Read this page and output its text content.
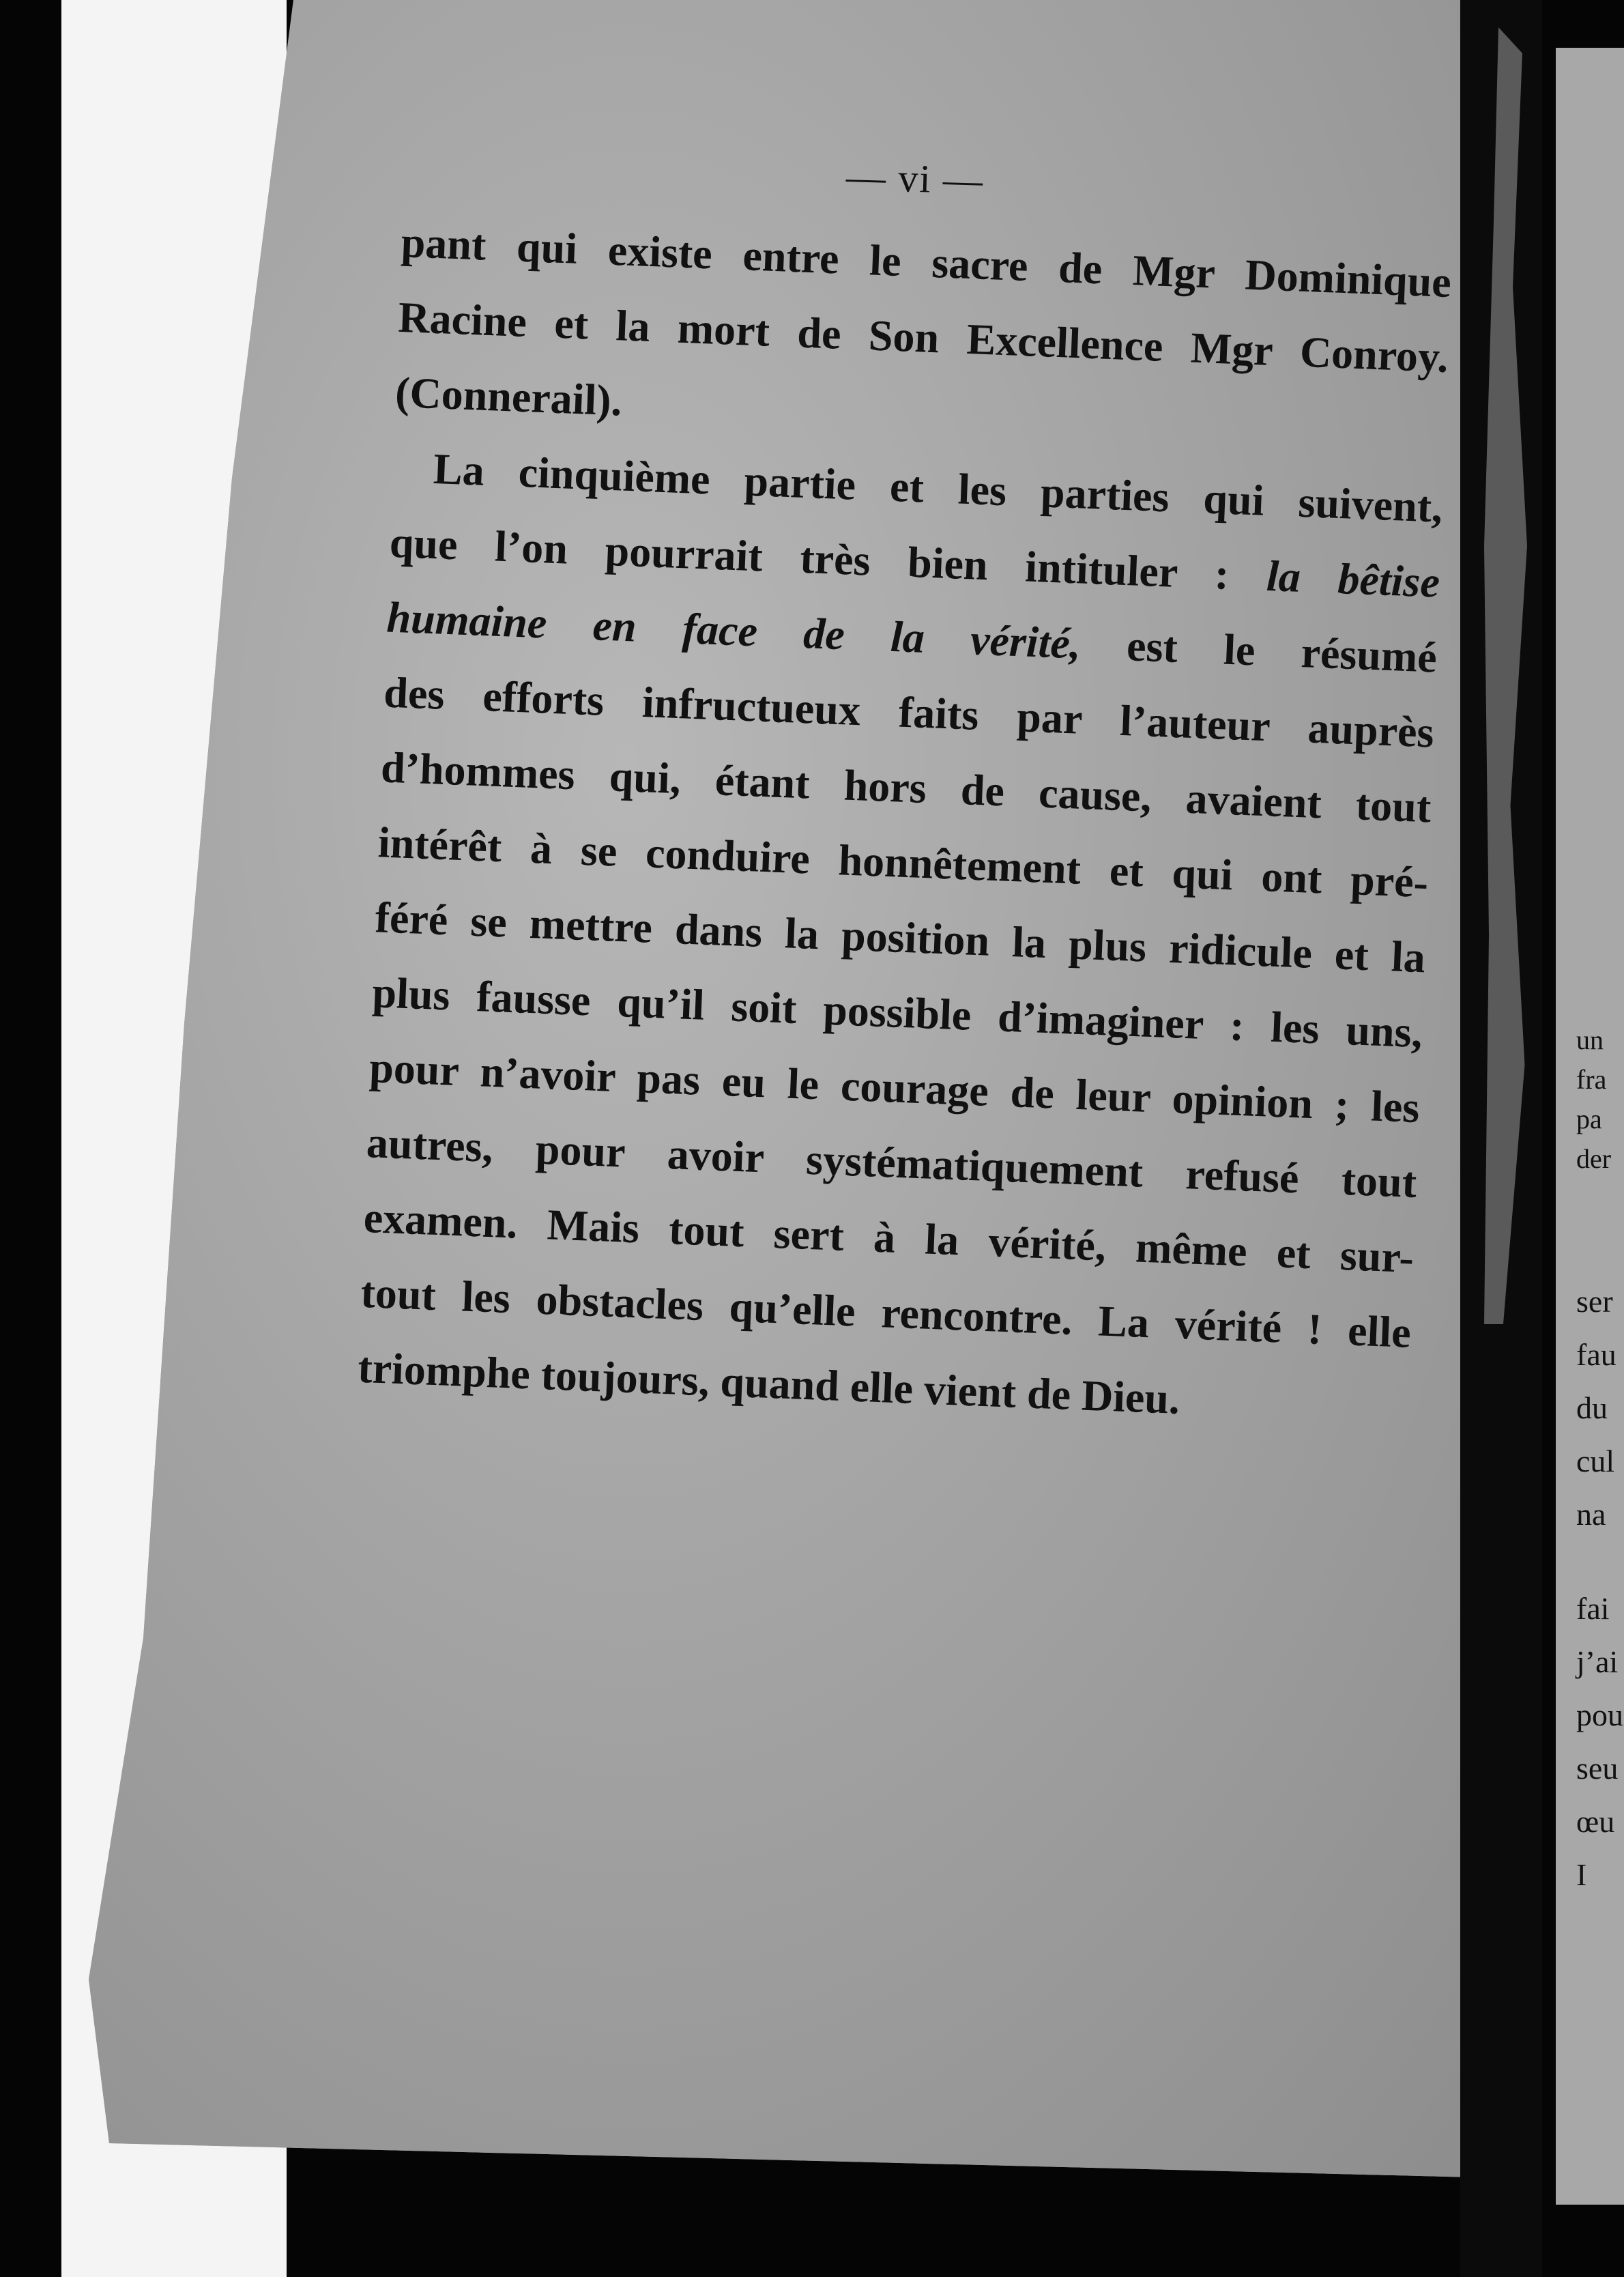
— vi —
pant qui existe entre le sacre de Mgr Dominique
Racine et la mort de Son Excellence Mgr Conroy.
(Connerail).
La cinquième partie et les parties qui suivent,
que l’on pourrait très bien intituler : la bêtise
humaine en face de la vérité, est le résumé
des efforts infructueux faits par l’auteur auprès
d’hommes qui, étant hors de cause, avaient tout
intérêt à se conduire honnêtement et qui ont pré-
féré se mettre dans la position la plus ridicule et la
plus fausse qu’il soit possible d’imaginer : les uns,
pour n’avoir pas eu le courage de leur opinion ; les
autres, pour avoir systématiquement refusé tout
examen. Mais tout sert à la vérité, même et sur-
tout les obstacles qu’elle rencontre. La vérité ! elle
triomphe toujours, quand elle vient de Dieu.
un
fra
pa
der
ser
fau
du
cul
na
fai
j’ai
pou
seu
œu
I
